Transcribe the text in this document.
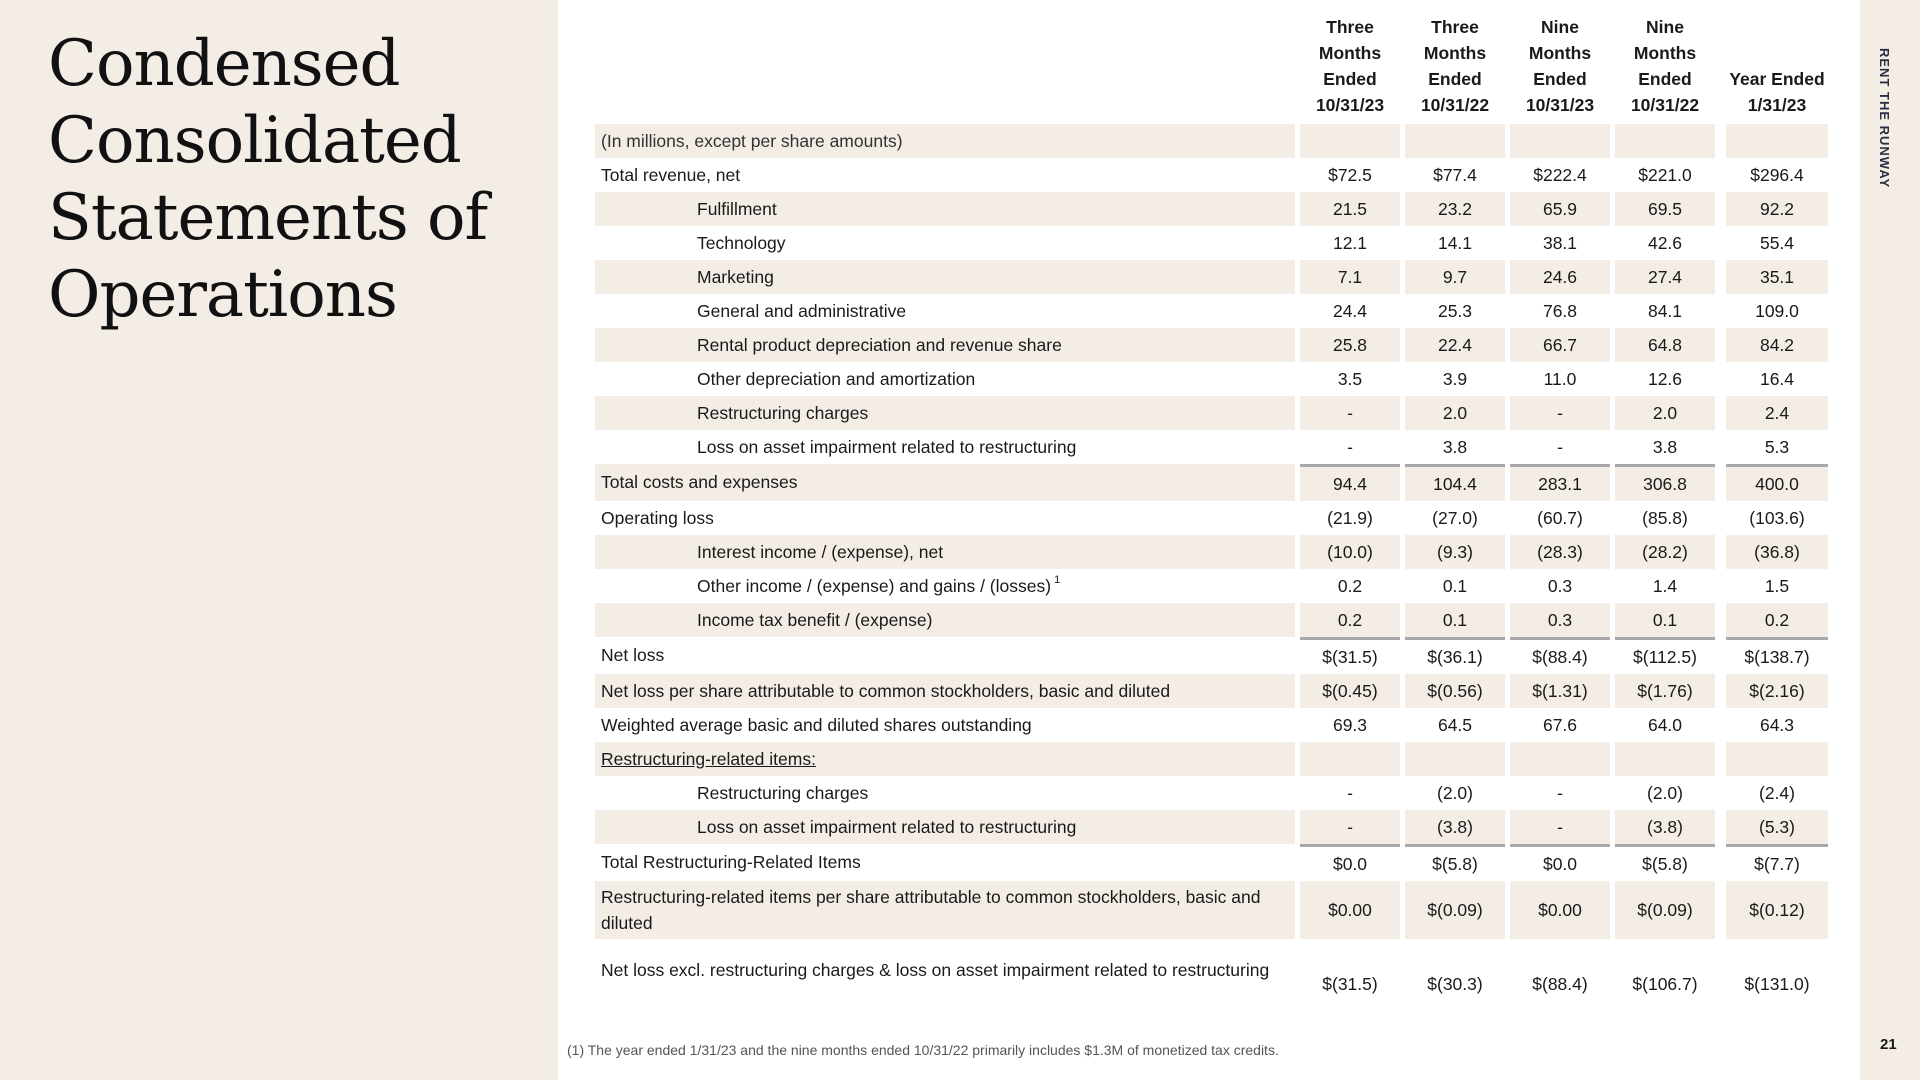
Condensed Consolidated Statements of Operations
	Three Months Ended 10/31/23	Three Months Ended 10/31/22	Nine Months Ended 10/31/23	Nine Months Ended 10/31/22		Year Ended 1/31/23
(In millions, except per share amounts)						
Total revenue, net	$72.5	$77.4	$222.4	$221.0		$296.4
Fulfillment	21.5	23.2	65.9	69.5		92.2
Technology	12.1	14.1	38.1	42.6		55.4
Marketing	7.1	9.7	24.6	27.4		35.1
General and administrative	24.4	25.3	76.8	84.1		109.0
Rental product depreciation and revenue share	25.8	22.4	66.7	64.8		84.2
Other depreciation and amortization	3.5	3.9	11.0	12.6		16.4
Restructuring charges	-	2.0	-	2.0		2.4
Loss on asset impairment related to restructuring	-	3.8	-	3.8		5.3
Total costs and expenses	94.4	104.4	283.1	306.8		400.0
Operating loss	(21.9)	(27.0)	(60.7)	(85.8)		(103.6)
Interest income / (expense), net	(10.0)	(9.3)	(28.3)	(28.2)		(36.8)
Other income / (expense) and gains / (losses) $^1$	0.2	0.1	0.3	1.4		1.5
Income tax benefit / (expense)	0.2	0.1	0.3	0.1		0.2
Net loss	$(31.5)	$(36.1)	$(88.4)	$(112.5)		$(138.7)
Net loss per share attributable to common stockholders, basic and diluted	$(0.45)	$(0.56)	$(1.31)	$(1.76)		$(2.16)
Weighted average basic and diluted shares outstanding	69.3	64.5	67.6	64.0		64.3
Restructuring-related items:						
Restructuring charges	-	(2.0)	-	(2.0)		(2.4)
Loss on asset impairment related to restructuring	-	(3.8)	-	(3.8)		(5.3)
Total Restructuring-Related Items	$0.0	$(5.8)	$0.0	$(5.8)		$(7.7)
Restructuring-related items per share attributable to common stockholders, basic and diluted	$0.00	$(0.09)	$0.00	$(0.09)		$(0.12)
Net loss excl. restructuring charges & loss on asset impairment related to restructuring	$(31.5)	$(30.3)	$(88.4)	$(106.7)		$(131.0)
(1) The year ended 1/31/23 and the nine months ended 10/31/22 primarily includes $1.3M of monetized tax credits.
RENT THE RUNWAY
21
